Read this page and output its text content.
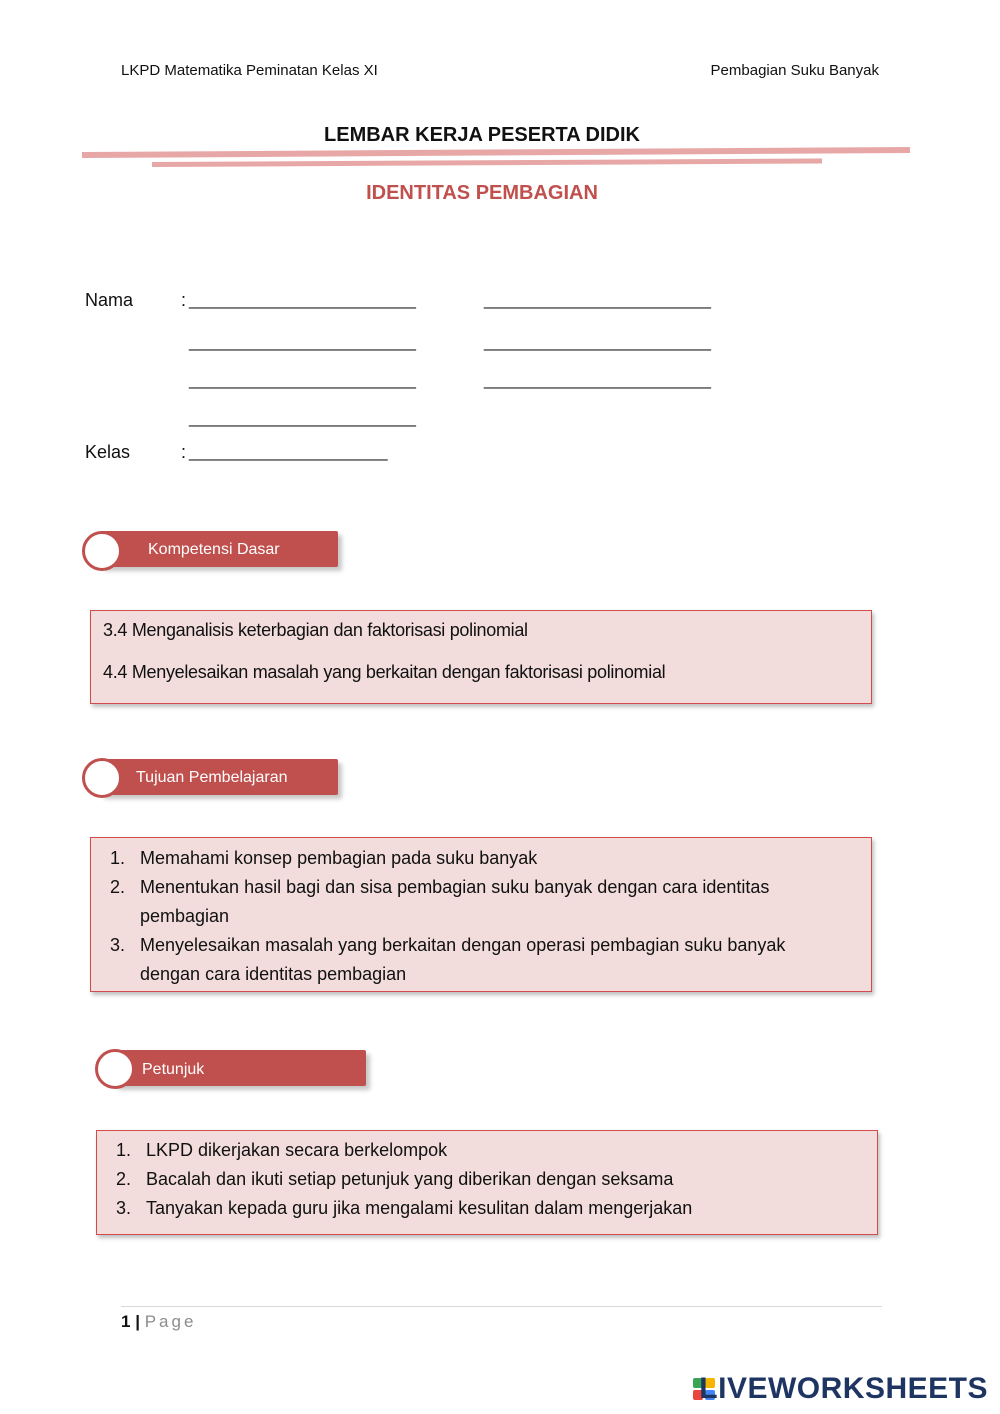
LKPD Matematika Peminatan Kelas XI	Pembagian Suku Banyak
LEMBAR KERJA PESERTA DIDIK
IDENTITAS PEMBAGIAN
Nama	: ________________________	________________________
________________________	________________________
________________________	________________________
________________________
Kelas	: _____________________
Kompetensi Dasar
3.4 Menganalisis keterbagian dan faktorisasi polinomial
4.4 Menyelesaikan masalah yang berkaitan dengan faktorisasi polinomial
Tujuan Pembelajaran
1. Memahami konsep pembagian pada suku banyak
2. Menentukan hasil bagi dan sisa pembagian suku banyak dengan cara identitas
pembagian
3. Menyelesaikan masalah yang berkaitan dengan operasi pembagian suku banyak
dengan cara identitas pembagian
Petunjuk
1. LKPD dikerjakan secara berkelompok
2. Bacalah dan ikuti setiap petunjuk yang diberikan dengan seksama
3. Tanyakan kepada guru jika mengalami kesulitan dalam mengerjakan
1 | Page
LIVEWORKSHEETS
